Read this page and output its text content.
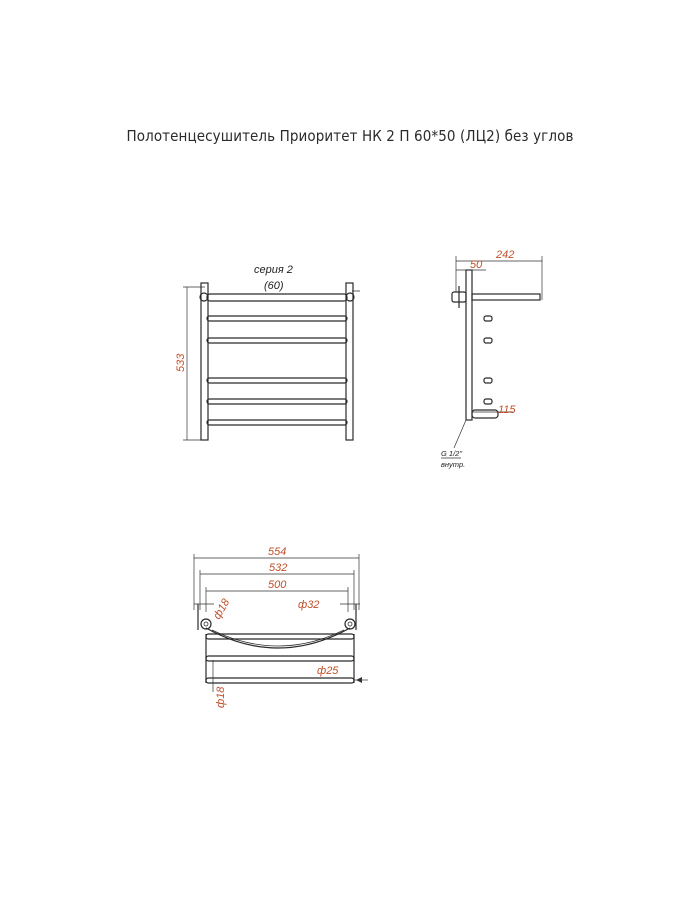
Полотенцесушитель Приоритет НК 2 П 60*50 (ЛЦ2) без углов
533
серия 2
(60)
242
50
115
G 1/2"
внутр.
554
532
500
ф18	ф32
ф25
ф18
